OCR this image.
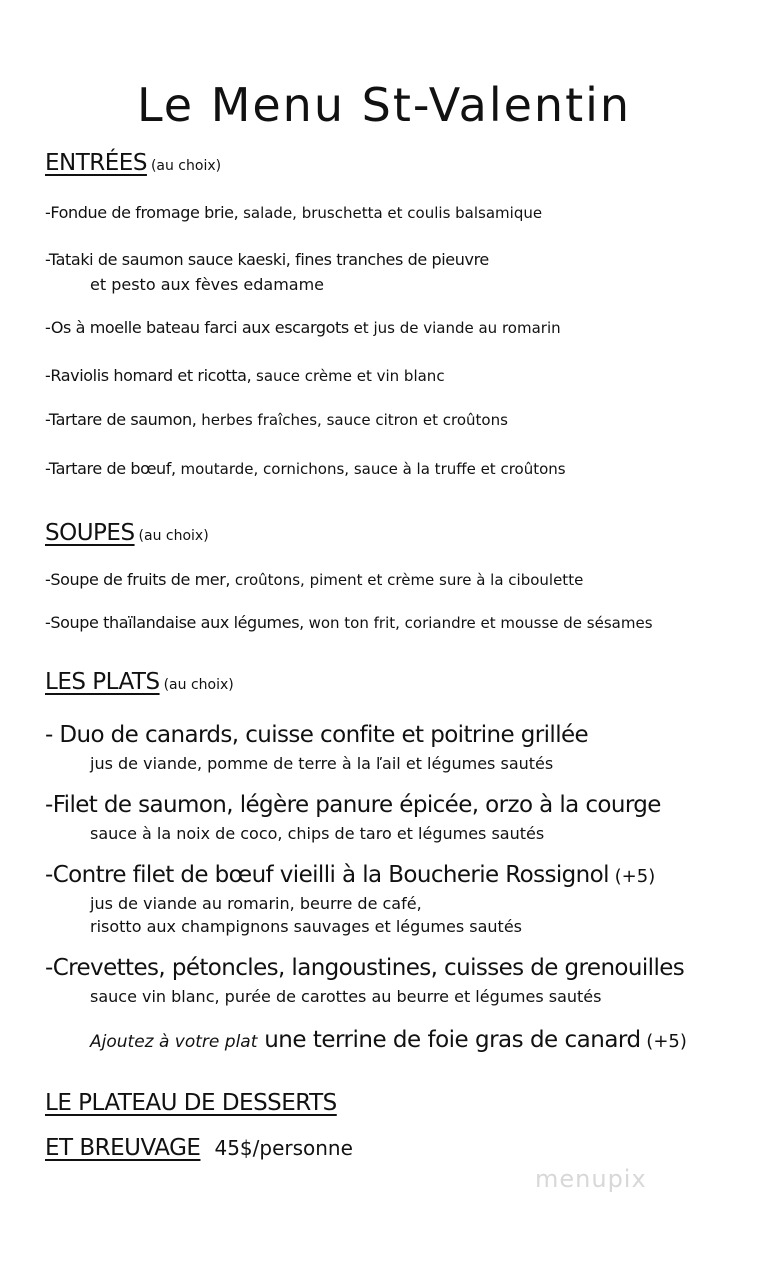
Le Menu St-Valentin
ENTRÉES (au choix)
-Fondue de fromage brie, salade, bruschetta et coulis balsamique
-Tataki de saumon sauce kaeski, fines tranches de pieuvre
et pesto aux fèves edamame
-Os à moelle bateau farci aux escargots et jus de viande au romarin
-Raviolis homard et ricotta, sauce crème et vin blanc
-Tartare de saumon, herbes fraîches, sauce citron et croûtons
-Tartare de bœuf, moutarde, cornichons, sauce à la truffe et croûtons
SOUPES (au choix)
-Soupe de fruits de mer, croûtons, piment et crème sure à la ciboulette
-Soupe thaïlandaise aux légumes, won ton frit, coriandre et mousse de sésames
LES PLATS (au choix)
- Duo de canards, cuisse confite et poitrine grillée
jus de viande, pomme de terre à la ľail et légumes sautés
-Filet de saumon, légère panure épicée, orzo à la courge
sauce à la noix de coco, chips de taro et légumes sautés
-Contre filet de bœuf vieilli à la Boucherie Rossignol (+5)
jus de viande au romarin, beurre de café,
risotto aux champignons sauvages et légumes sautés
-Crevettes, pétoncles, langoustines, cuisses de grenouilles
sauce vin blanc, purée de carottes au beurre et légumes sautés
Ajoutez à votre plat une terrine de foie gras de canard (+5)
LE PLATEAU DE DESSERTS
ET BREUVAGE 45$/personne
menupix
